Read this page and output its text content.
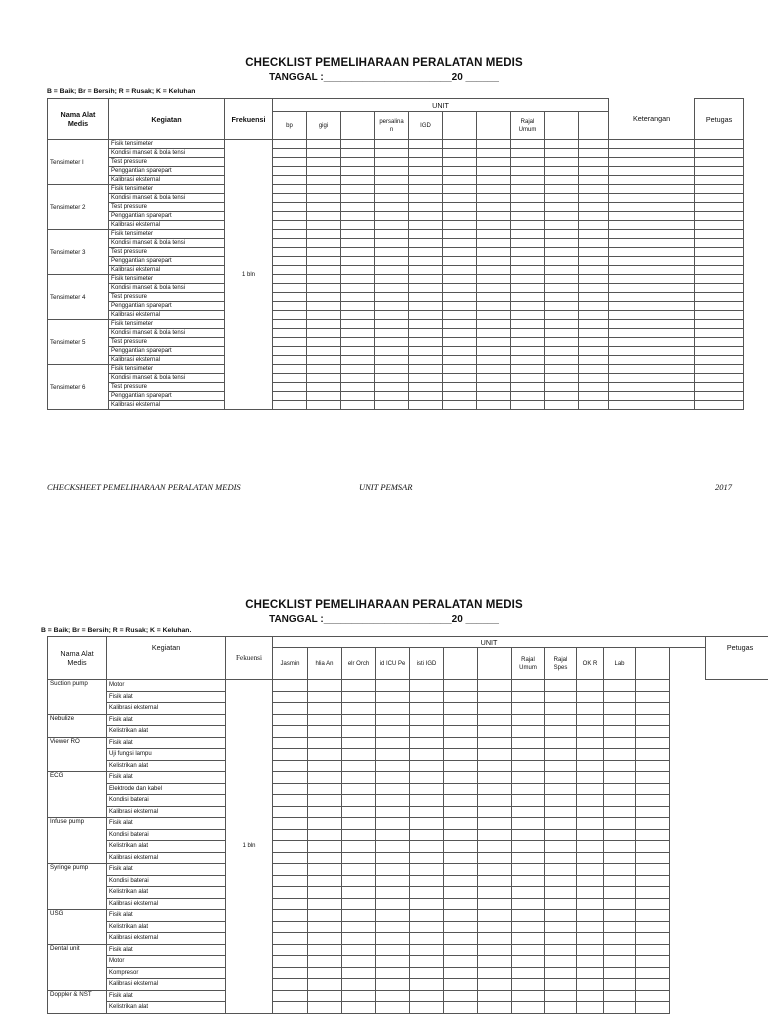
CHECKLIST PEMELIHARAAN PERALATAN MEDIS
TANGGAL :_______________________20 ______
B = Baik; Br = Bersih; R = Rusak; K = Keluhan
Nama Alat Medis	Kegiatan	Frekuensi	UNIT										Keterangan	Petugas	
			bp	gigi		persalina n	IGD			Rajal Umum					
Tensimeter I	Fisik tensimeter	1 bln													
	Kondisi manset & bola tensi														
	Test pressure														
	Penggantian sparepart														
	Kalibrasi eksternal														
Tensimeter 2	Fisik tensimeter														
	Kondisi manset & bola tensi														
	Test pressure														
	Penggantian sparepart														
	Kalibrasi eksternal														
Tensimeter 3	Fisik tensimeter														
	Kondisi manset & bola tensi														
	Test pressure														
	Penggantian sparepart														
	Kalibrasi eksternal														
Tensimeter 4	Fisik tensimeter														
	Kondisi manset & bola tensi														
	Test pressure														
	Penggantian sparepart														
	Kalibrasi eksternal														
Tensimeter 5	Fisik tensimeter														
	Kondisi manset & bola tensi														
	Test pressure														
	Penggantian sparepart														
	Kalibrasi eksternal														
Tensimeter 6	Fisik tensimeter														
	Kondisi manset & bola tensi														
	Test pressure														
	Penggantian sparepart														
	Kalibrasi eksternal														
CHECKSHEET PEMELIHARAAN PERALATAN MEDIS	UNIT PEMSAR	2017
CHECKLIST PEMELIHARAAN PERALATAN MEDIS
TANGGAL :_______________________20 ______
B = Baik; Br = Bersih; R = Rusak; K = Keluhan.
Nama Alat Medis	Kegiatan	Fekuensi	UNIT												Petugas
			Jasmin	hlia An	elr Orch	id ICU Pe	isti IGD			Rajal Umum	Rajal Spes	OK R	Lab		
Suction pump	Motor	1 bln													
	Fisik alat														
	Kalibrasi eksternal														
Nebulize	Fisik alat														
	Kelistrikan alat														
Viewer RO	Fisik alat														
	Uji fungsi lampu														
	Kelistrikan alat														
ECG	Fisik alat														
	Elektrode dan kabel														
	Kondisi baterai														
	Kalibrasi eksternal														
Infuse pump	Fisik alat														
	Kondisi baterai														
	Kelistrikan alat														
	Kalibrasi eksternal														
Syringe pump	Fisik alat														
	Kondisi baterai														
	Kelistrikan alat														
	Kalibrasi eksternal														
USG	Fisik alat														
	Kelistrikan alat														
	Kalibrasi eksternal														
Dental unit	Fisik alat														
	Motor														
	Kompresor														
	Kalibrasi eksternal														
Doppler & NST	Fisik alat														
	Kelistrikan alat														
